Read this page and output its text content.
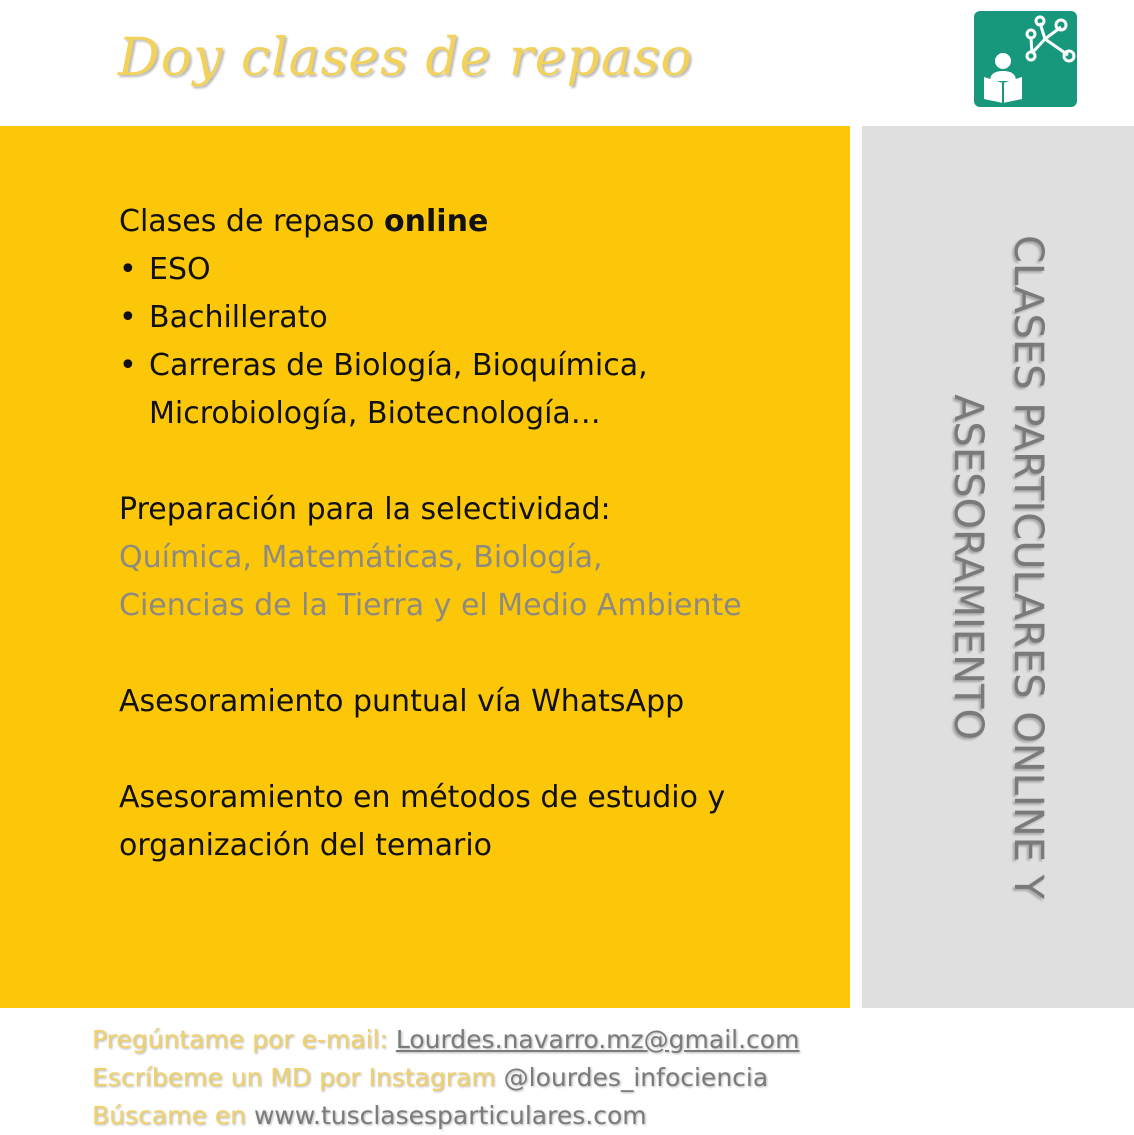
Doy clases de repaso

Clases de repaso online

• ESO
• Bachillerato
• Carreras de Biología, Bioquímica,
Microbiología, Biotecnología…

Preparación para la selectividad:

Química, Matemáticas, Biología,

Ciencias de la Tierra y el Medio Ambiente

Asesoramiento puntual vía WhatsApp

Asesoramiento en métodos de estudio y

organización del temario	CLASES PARTICULARES ONLINE Y
ASESORAMIENTO
Pregúntame por e-mail: Lourdes.navarro.mz@gmail.com
Escríbeme un MD por Instagram @lourdes_infociencia
Búscame en www.tusclasesparticulares.com
